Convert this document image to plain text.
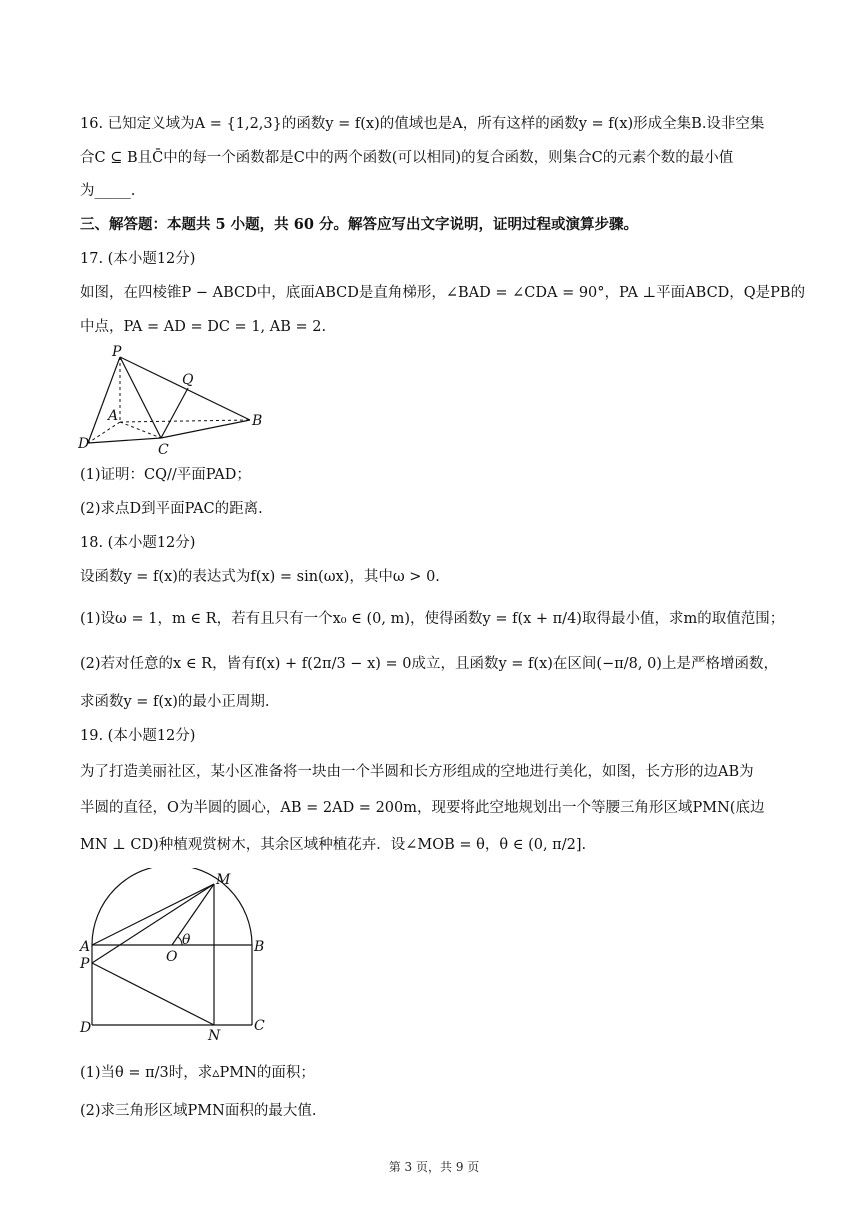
16. 已知定义域为A = {1,2,3}的函数y = f(x)的值域也是A，所有这样的函数y = f(x)形成全集B.设非空集
合C ⊆ B且C̄中的每一个函数都是C中的两个函数(可以相同)的复合函数，则集合C的元素个数的最小值
为_____.
三、解答题：本题共 5 小题，共 60 分。解答应写出文字说明，证明过程或演算步骤。
17. (本小题12分)
如图，在四棱锥P − ABCD中，底面ABCD是直角梯形，∠BAD = ∠CDA = 90°，PA ⊥平面ABCD，Q是PB的
中点，PA = AD = DC = 1, AB = 2.
P
Q
A	B
C
D
(1)证明：CQ//平面PAD；
(2)求点D到平面PAC的距离.
18. (本小题12分)
设函数y = f(x)的表达式为f(x) = sin(ωx)，其中ω > 0.
(1)设ω = 1，m ∈ R，若有且只有一个x₀ ∈ (0, m)，使得函数y = f(x + π/4)取得最小值，求m的取值范围；
(2)若对任意的x ∈ R，皆有f(x) + f(2π/3 − x) = 0成立，且函数y = f(x)在区间(−π/8, 0)上是严格增函数，
求函数y = f(x)的最小正周期.
19. (本小题12分)
为了打造美丽社区，某小区准备将一块由一个半圆和长方形组成的空地进行美化，如图，长方形的边AB为
半圆的直径，O为半圆的圆心，AB = 2AD = 200m，现要将此空地规划出一个等腰三角形区域PMN(底边
MN ⊥ CD)种植观赏树木，其余区域种植花卉．设∠MOB = θ，θ ∈ (0, π/2].
M
A	B
P	O
θ
D	N
C
(1)当θ = π/3时，求▵PMN的面积；
(2)求三角形区域PMN面积的最大值.
第 3 页，共 9 页
